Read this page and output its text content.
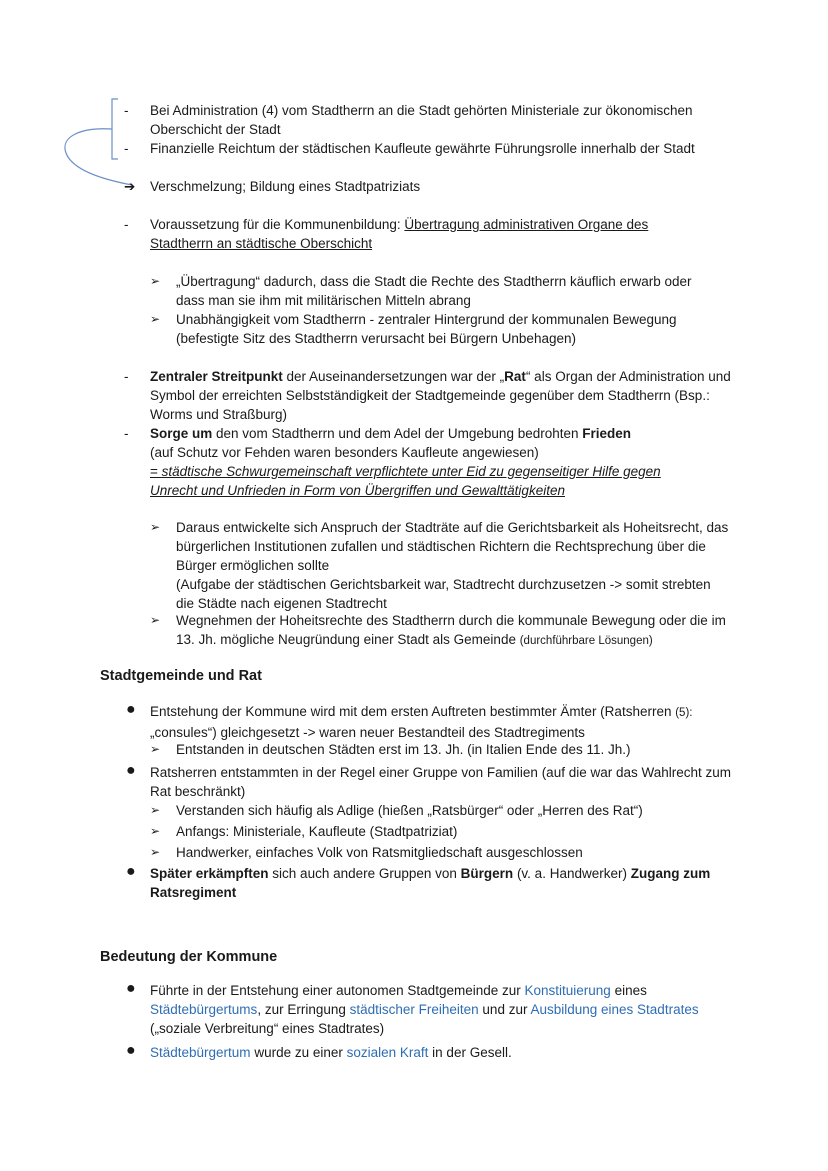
- Bei Administration (4) vom Stadtherrn an die Stadt gehörten Ministeriale zur ökonomischen Oberschicht der Stadt

- Finanzielle Reichtum der städtischen Kaufleute gewährte Führungsrolle innerhalb der Stadt

➔ Verschmelzung; Bildung eines Stadtpatriziats

- Voraussetzung für die Kommunenbildung: Übertragung administrativen Organe des Stadtherrn an städtische Oberschicht

➢ „Übertragung“ dadurch, dass die Stadt die Rechte des Stadtherrn käuflich erwarb oder dass man sie ihm mit militärischen Mitteln abrang

➢ Unabhängigkeit vom Stadtherrn - zentraler Hintergrund der kommunalen Bewegung (befestigte Sitz des Stadtherrn verursacht bei Bürgern Unbehagen)

- Zentraler Streitpunkt der Auseinandersetzungen war der „Rat“ als Organ der Administration und Symbol der erreichten Selbstständigkeit der Stadtgemeinde gegenüber dem Stadtherrn (Bsp.: Worms und Straßburg)

- Sorge um den vom Stadtherrn und dem Adel der Umgebung bedrohten Frieden

(auf Schutz vor Fehden waren besonders Kaufleute angewiesen)

= städtische Schwurgemeinschaft verpflichtete unter Eid zu gegenseitiger Hilfe gegen Unrecht und Unfrieden in Form von Übergriffen und Gewalttätigkeiten

➢ Daraus entwickelte sich Anspruch der Stadträte auf die Gerichtsbarkeit als Hoheitsrecht, das bürgerlichen Institutionen zufallen und städtischen Richtern die Rechtsprechung über die Bürger ermöglichen sollte

(Aufgabe der städtischen Gerichtsbarkeit war, Stadtrecht durchzusetzen -> somit strebten die Städte nach eigenen Stadtrecht

➢ Wegnehmen der Hoheitsrechte des Stadtherrn durch die kommunale Bewegung oder die im 13. Jh. mögliche Neugründung einer Stadt als Gemeinde (durchführbare Lösungen)

Stadtgemeinde und Rat

● Entstehung der Kommune wird mit dem ersten Auftreten bestimmter Ämter (Ratsherren (5):

„consules“) gleichgesetzt -> waren neuer Bestandteil des Stadtregiments

➢ Entstanden in deutschen Städten erst im 13. Jh. (in Italien Ende des 11. Jh.)

● Ratsherren entstammten in der Regel einer Gruppe von Familien (auf die war das Wahlrecht zum Rat beschränkt)

➢ Verstanden sich häufig als Adlige (hießen „Ratsbürger“ oder „Herren des Rat“)

➢ Anfangs: Ministeriale, Kaufleute (Stadtpatriziat)

➢ Handwerker, einfaches Volk von Ratsmitgliedschaft ausgeschlossen

● Später erkämpften sich auch andere Gruppen von Bürgern (v. a. Handwerker) Zugang zum Ratsregiment

Bedeutung der Kommune

● Führte in der Entstehung einer autonomen Stadtgemeinde zur Konstituierung eines Städtebürgertums, zur Erringung städtischer Freiheiten und zur Ausbildung eines Stadtrates

(„soziale Verbreitung“ eines Stadtrates)

● Städtebürgertum wurde zu einer sozialen Kraft in der Gesell.
